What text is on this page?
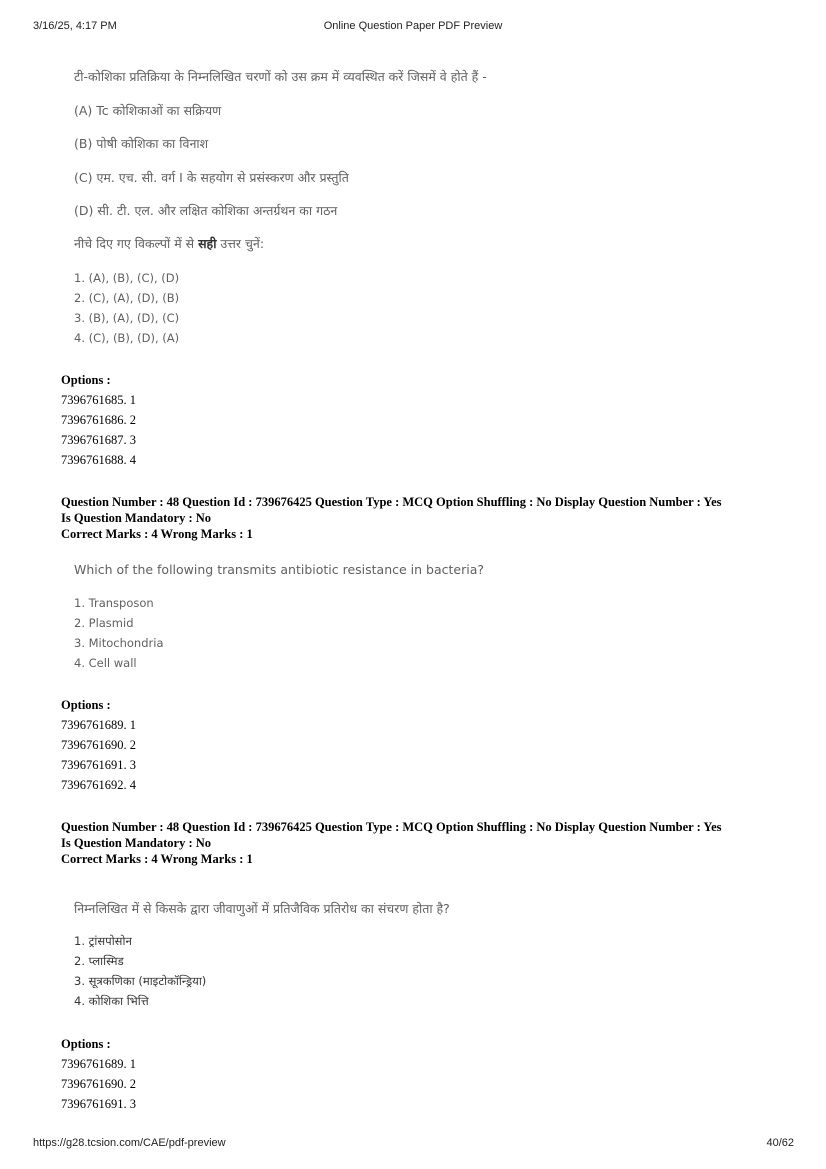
3/16/25, 4:17 PM	Online Question Paper PDF Preview
टी-कोशिका प्रतिक्रिया के निम्नलिखित चरणों को उस क्रम में व्यवस्थित करें जिसमें वे होते हैं -
(A) Tc कोशिकाओं का सक्रियण
(B) पोषी कोशिका का विनाश
(C) एम. एच. सी. वर्ग I के सहयोग से प्रसंस्करण और प्रस्तुति
(D) सी. टी. एल. और लक्षित कोशिका अन्तर्ग्रथन का गठन
नीचे दिए गए विकल्पों में से सही उत्तर चुनें:
1. (A), (B), (C), (D)
2. (C), (A), (D), (B)
3. (B), (A), (D), (C)
4. (C), (B), (D), (A)
Options :
7396761685. 1
7396761686. 2
7396761687. 3
7396761688. 4
Question Number : 48 Question Id : 739676425 Question Type : MCQ Option Shuffling : No Display Question Number : Yes
Is Question Mandatory : No
Correct Marks : 4 Wrong Marks : 1
Which of the following transmits antibiotic resistance in bacteria?
1. Transposon
2. Plasmid
3. Mitochondria
4. Cell wall
Options :
7396761689. 1
7396761690. 2
7396761691. 3
7396761692. 4
Question Number : 48 Question Id : 739676425 Question Type : MCQ Option Shuffling : No Display Question Number : Yes
Is Question Mandatory : No
Correct Marks : 4 Wrong Marks : 1
निम्नलिखित में से किसके द्वारा जीवाणुओं में प्रतिजैविक प्रतिरोध का संचरण होता है?
1. ट्रांसपोसोन
2. प्लास्मिड
3. सूत्रकणिका (माइटोकॉन्ड्रिया)
4. कोशिका भित्ति
Options :
7396761689. 1
7396761690. 2
7396761691. 3
https://g28.tcsion.com/CAE/pdf-preview	40/62
